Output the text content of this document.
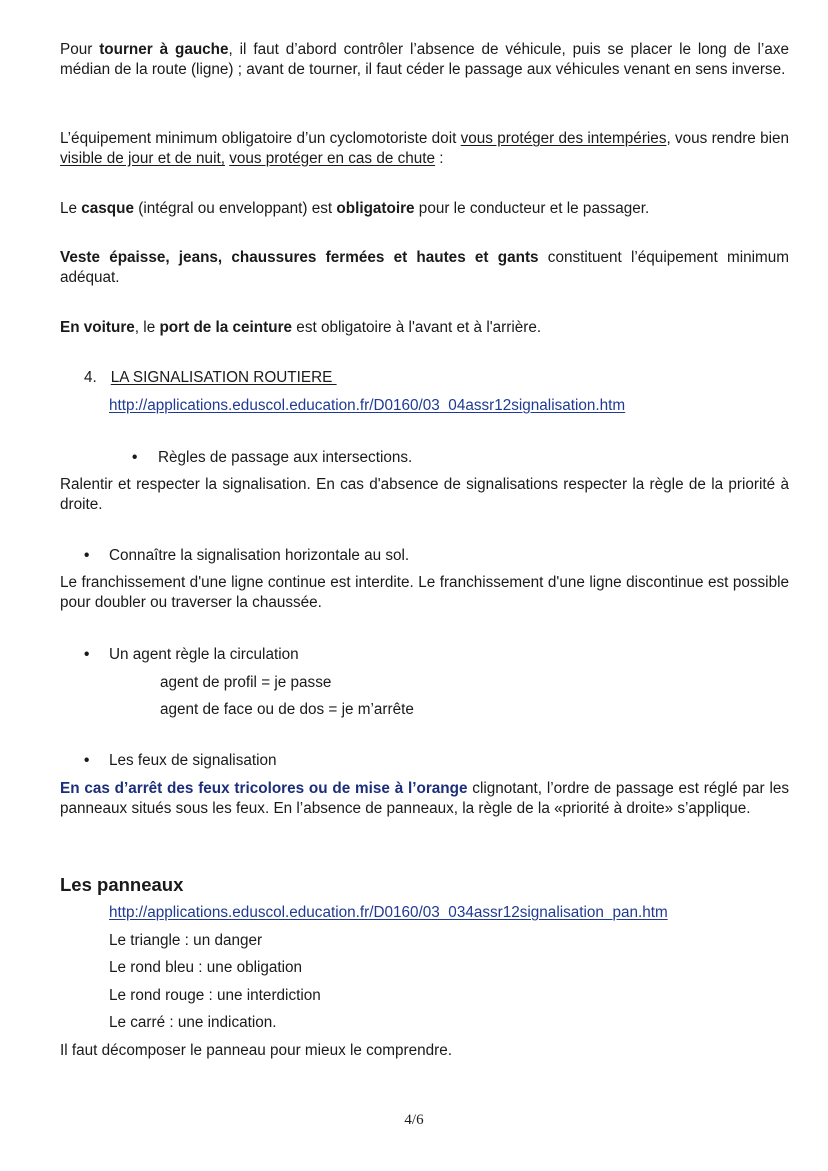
Pour tourner à gauche, il faut d’abord contrôler l’absence de véhicule, puis se placer le long de l’axe médian de la route (ligne) ; avant de tourner, il faut céder le passage aux véhicules venant en sens inverse.

L’équipement minimum obligatoire d’un cyclomotoriste doit vous protéger des intempéries, vous rendre bien visible de jour et de nuit, vous protéger en cas de chute :

Le casque (intégral ou enveloppant) est obligatoire pour le conducteur et le passager.

Veste épaisse, jeans, chaussures fermées et hautes et gants constituent l’équipement minimum adéquat.

En voiture, le port de la ceinture est obligatoire à l'avant et à l'arrière.

4. LA SIGNALISATION ROUTIERE

http://applications.eduscol.education.fr/D0160/03_04assr12signalisation.htm

• Règles de passage aux intersections.

Ralentir et respecter la signalisation. En cas d'absence de signalisations respecter la règle de la priorité à droite.

• Connaître la signalisation horizontale au sol.

Le franchissement d'une ligne continue est interdite. Le franchissement d'une ligne discontinue est possible pour doubler ou traverser la chaussée.

• Un agent règle la circulation

agent de profil = je passe

agent de face ou de dos = je m’arrête

• Les feux de signalisation

En cas d’arrêt des feux tricolores ou de mise à l’orange clignotant, l’ordre de passage est réglé par les panneaux situés sous les feux. En l’absence de panneaux, la règle de la «priorité à droite» s’applique.

Les panneaux

http://applications.eduscol.education.fr/D0160/03_034assr12signalisation_pan.htm

Le triangle : un danger

Le rond bleu : une obligation

Le rond rouge : une interdiction

Le carré : une indication.

Il faut décomposer le panneau pour mieux le comprendre.

4/6
